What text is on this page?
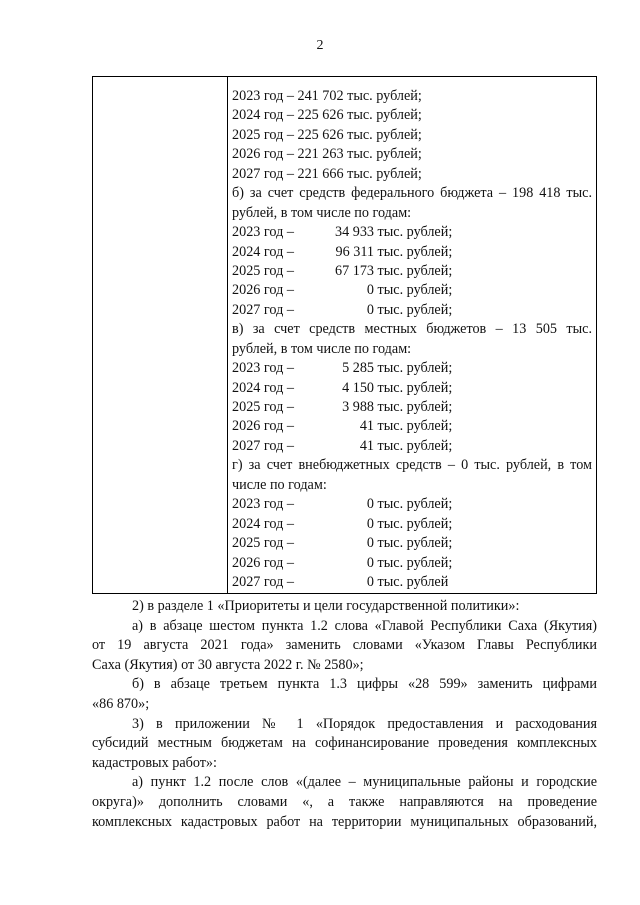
2
2023 год – 241 702 тыс. рублей;
2024 год – 225 626 тыс. рублей;
2025 год – 225 626 тыс. рублей;
2026 год – 221 263 тыс. рублей;
2027 год – 221 666 тыс. рублей;
б) за счет средств федерального бюджета – 198 418 тыс.
рублей, в том числе по годам:
2023 год –	34 933 тыс. рублей;
2024 год –	96 311 тыс. рублей;
2025 год –	67 173 тыс. рублей;
2026 год –	0 тыс. рублей;
2027 год –	0 тыс. рублей;
в) за счет средств местных бюджетов – 13 505 тыс.
рублей, в том числе по годам:
2023 год –	5 285 тыс. рублей;
2024 год –	4 150 тыс. рублей;
2025 год –	3 988 тыс. рублей;
2026 год –	41 тыс. рублей;
2027 год –	41 тыс. рублей;
г) за счет внебюджетных средств – 0 тыс. рублей, в том
числе по годам:
2023 год –	0 тыс. рублей;
2024 год –	0 тыс. рублей;
2025 год –	0 тыс. рублей;
2026 год –	0 тыс. рублей;
2027 год –	0 тыс. рублей
2) в разделе 1 «Приоритеты и цели государственной политики»:
а) в абзаце шестом пункта 1.2 слова «Главой Республики Саха (Якутия)
от 19 августа 2021 года» заменить словами «Указом Главы Республики
Саха (Якутия) от 30 августа 2022 г. № 2580»;
б) в абзаце третьем пункта 1.3 цифры «28 599» заменить цифрами
«86 870»;
3) в приложении № 1 «Порядок предоставления и расходования
субсидий местным бюджетам на софинансирование проведения комплексных
кадастровых работ»:
а) пункт 1.2 после слов «(далее – муниципальные районы и городские
округа)» дополнить словами «, а также направляются на проведение
комплексных кадастровых работ на территории муниципальных образований,
